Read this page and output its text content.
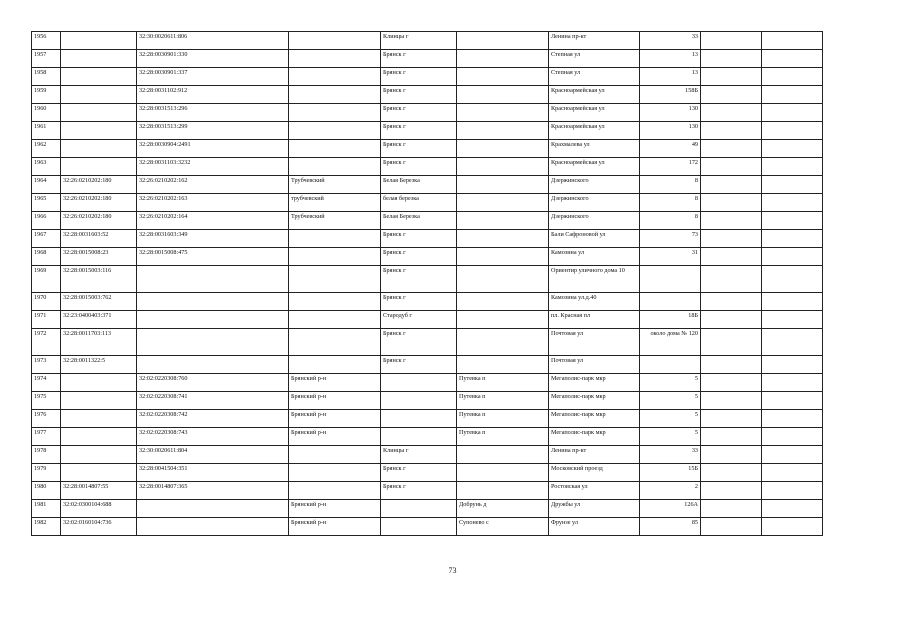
1956		32:30:0020611:806		Клинцы г		Ленина пр-кт	33		
1957		32:28:0030901:330		Брянск г		Степная ул	13		
1958		32:28:0030901:337		Брянск г		Степная ул	13		
1959		32:28:0031102:912		Брянск г		Красноармейская ул	158Б		
1960		32:28:0031513:296		Брянск г		Красноармейская ул	130		
1961		32:28:0031513:299		Брянск г		Красноармейская ул	130		
1962		32:28:0030904:2491		Брянск г		Крахмалева ул	49		
1963		32:28:0031103:3232		Брянск г		Красноармейская ул	172		
1964	32:26:0210202:180	32:26:0210202:162	Трубчевский	Белая Березка		Дзержинского	8		
1965	32:26:0210202:180	32:26:0210202:163	трубчевский	белая березка		Дзержинского	8		
1966	32:26:0210202:180	32:26:0210202:164	Трубчевский	Белая Березка		Дзержинского	8		
1967	32:28:0031603:52	32:28:0031603:349		Брянск г		Бали Сафроновой ул	73		
1968	32:28:0015008:23	32:28:0015008:475		Брянск г		Камозина ул	31		
1969	32:28:0015003:116			Брянск г		Ориентир уличного дома 10			
1970	32:28:0015003:762			Брянск г		Камозина ул.д.40			
1971	32:23:0400403:371			Стародуб г		пл. Красная пл	18Б		
1972	32:28:0011703:113			Брянск г		Почтовая ул	около дома № 120		
1973	32:28:0011322:5			Брянск г		Почтовая ул			
1974		32:02:0220308:760	Брянский р-н		Путевка п	Мегаполис-парк мкр	5		
1975		32:02:0220308:741	Брянский р-н		Путевка п	Мегаполис-парк мкр	5		
1976		32:02:0220308:742	Брянский р-н		Путевка п	Мегаполис-парк мкр	5		
1977		32:02:0220308:743	Брянский р-н		Путевка п	Мегаполис-парк мкр	5		
1978		32:30:0020611:804		Клинцы г		Ленина пр-кт	33		
1979		32:28:0041504:351		Брянск г		Московский проезд	15Б		
1980	32:28:0014807:55	32:28:0014807:365		Брянск г		Ростовская ул	2		
1981	32:02:0300104:688		Брянский р-н		Добрунь д	Дружбы ул	126А		
1982	32:02:0160104:736		Брянский р-н		Супонево с	Фрунзе ул	85		
73
